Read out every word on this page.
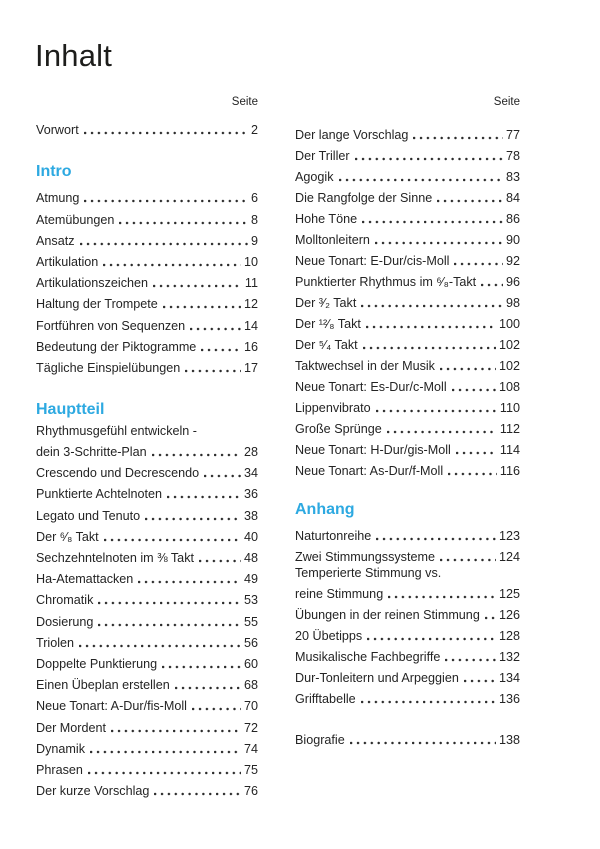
Inhalt
Seite
Vorwort	2
Intro
Atmung	6
Atemübungen	8
Ansatz	9
Artikulation	10
Artikulationszeichen	11
Haltung der Trompete	12
Fortführen von Sequenzen	14
Bedeutung der Piktogramme	16
Tägliche Einspielübungen	17
Hauptteil
Rhythmusgefühl entwickeln -
dein 3-Schritte-Plan	28
Crescendo und Decrescendo	34
Punktierte Achtelnoten	36
Legato und Tenuto	38
Der ⁶⁄₈ Takt	40
Sechzehntelnoten im ⅜ Takt	48
Ha-Atemattacken	49
Chromatik	53
Dosierung	55
Triolen	56
Doppelte Punktierung	60
Einen Übeplan erstellen	68
Neue Tonart: A-Dur/fis-Moll	70
Der Mordent	72
Dynamik	74
Phrasen	75
Der kurze Vorschlag	76
Seite
Der lange Vorschlag	77
Der Triller	78
Agogik	83
Die Rangfolge der Sinne	84
Hohe Töne	86
Molltonleitern	90
Neue Tonart: E-Dur/cis-Moll	92
Punktierter Rhythmus im ⁶⁄₈-Takt 96
Der ³⁄₂ Takt	98
Der ¹²⁄₈ Takt	100
Der ⁵⁄₄ Takt	102
Taktwechsel in der Musik	102
Neue Tonart: Es-Dur/c-Moll	108
Lippenvibrato	110
Große Sprünge	112
Neue Tonart: H-Dur/gis-Moll	114
Neue Tonart: As-Dur/f-Moll	116
Anhang
Naturtonreihe	123
Zwei Stimmungssysteme	124
Temperierte Stimmung vs.
reine Stimmung	125
Übungen in der reinen Stimmung 126
20 Übetipps	128
Musikalische Fachbegriffe	132
Dur-Tonleitern und Arpeggien	134
Grifftabelle	136
Biografie	138
